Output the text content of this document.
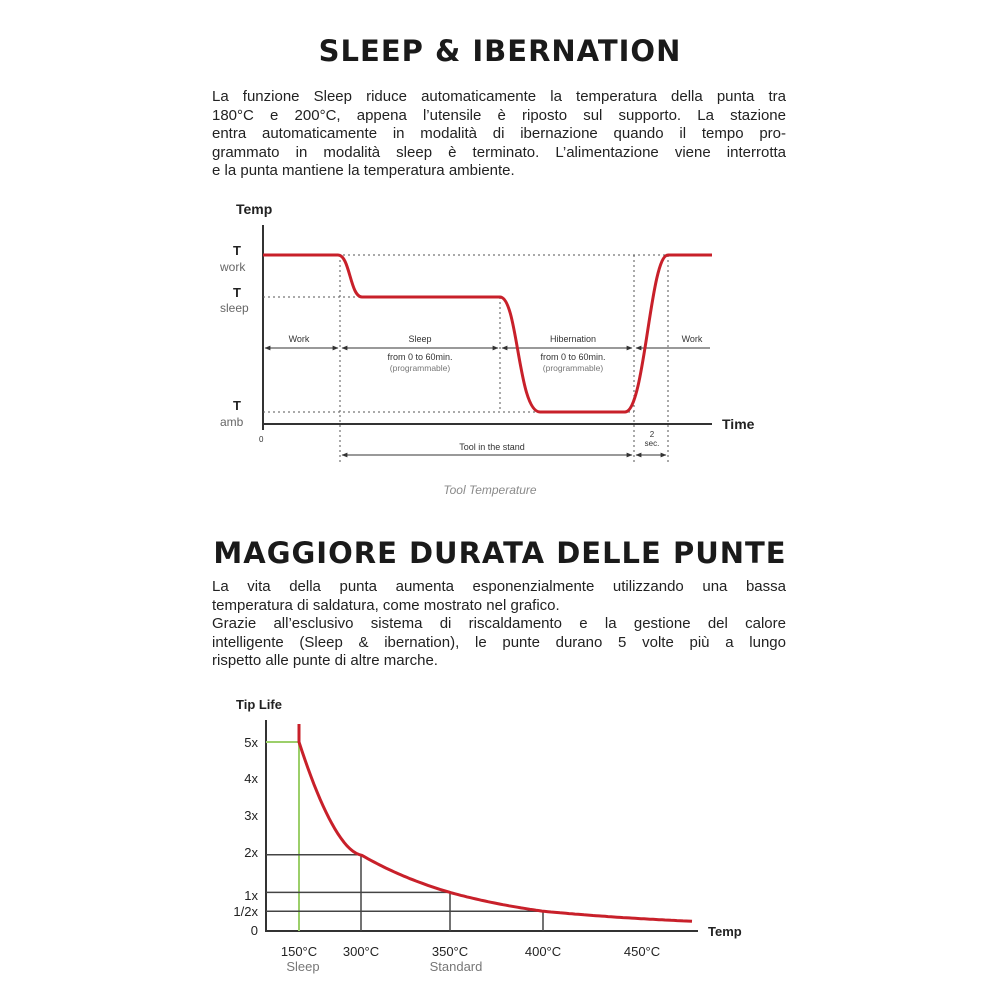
SLEEP & IBERNATION
La funzione Sleep riduce automaticamente la temperatura della punta tra
180°C e 200°C, appena l’utensile è riposto sul supporto. La stazione
entra automaticamente in modalità di ibernazione quando il tempo pro-
grammato in modalità sleep è terminato. L’alimentazione viene interrotta
e la punta mantiene la temperatura ambiente.
MAGGIORE DURATA DELLE PUNTE
La vita della punta aumenta esponenzialmente utilizzando una bassa
temperatura di saldatura, come mostrato nel grafico.
Grazie all’esclusivo sistema di riscaldamento e la gestione del calore
intelligente (Sleep & ibernation), le punte durano 5 volte più a lungo
rispetto alle punte di altre marche.
Temp
Time
0
T
work
T
sleep
T
amb
Work	Sleep
from 0 to 60min.
(programmable)
Hibernation
from 0 to 60min.
(programmable)
Work
Tool in the stand
2
sec.
Tool Temperature
Tip Life
Temp
0
1/2x
1x
2x
3x
4x
5x
150°C
Sleep
300°C	350°C
Standard
400°C	450°C
